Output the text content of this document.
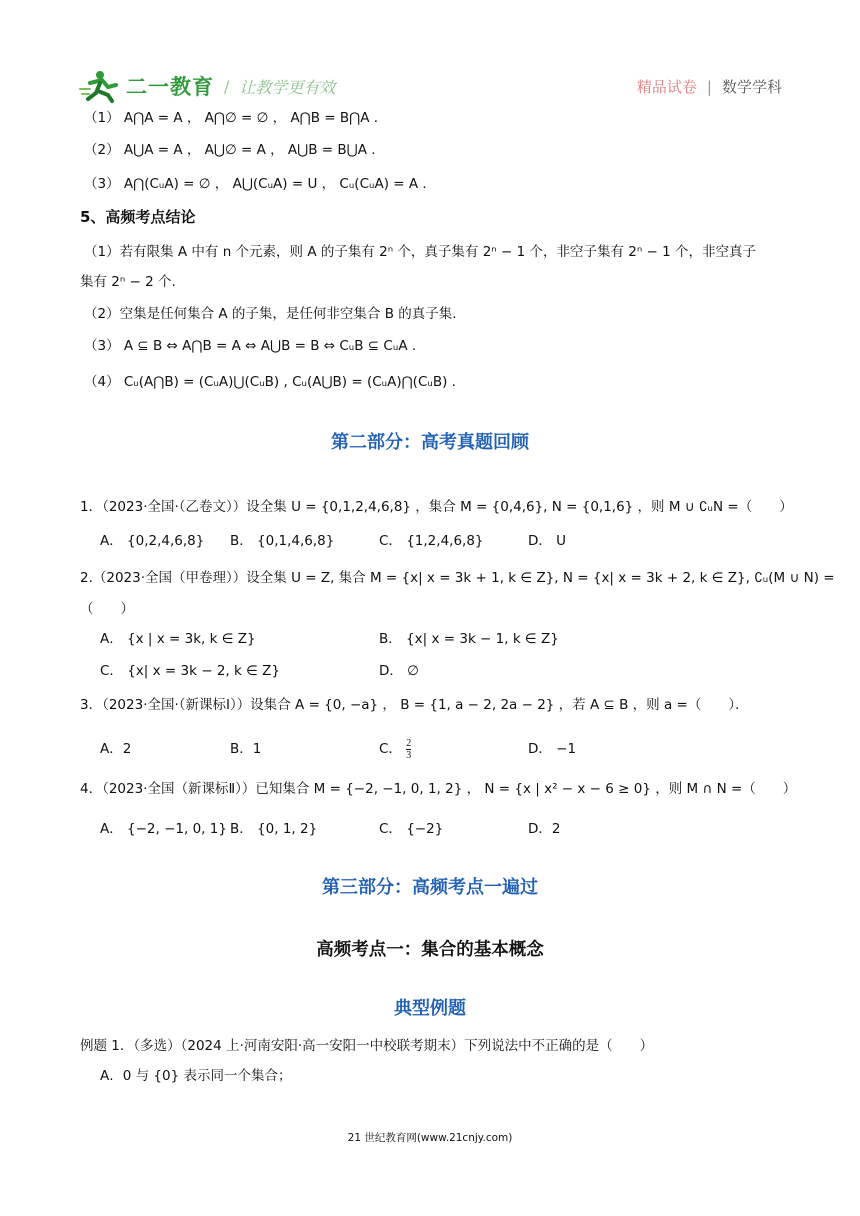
二一教育 / 让教学更有效	精品试卷 | 数学学科
（1） A⋂A = A ， A⋂∅ = ∅ ， A⋂B = B⋂A .
（2） A⋃A = A ， A⋃∅ = A ， A⋃B = B⋃A .
（3） A⋂(CᵤA) = ∅ ， A⋃(CᵤA) = U ， Cᵤ(CᵤA) = A .
5、高频考点结论
（1）若有限集 A 中有 n 个元素，则 A 的子集有 2ⁿ 个，真子集有 2ⁿ − 1 个，非空子集有 2ⁿ − 1 个，非空真子
集有 2ⁿ − 2 个.
（2）空集是任何集合 A 的子集，是任何非空集合 B 的真子集.
（3） A ⊆ B ⇔ A⋂B = A ⇔ A⋃B = B ⇔ CᵤB ⊆ CᵤA .
（4） Cᵤ(A⋂B) = (CᵤA)⋃(CᵤB) , Cᵤ(A⋃B) = (CᵤA)⋂(CᵤB) .
第二部分：高考真题回顾
1．（2023·全国·（乙卷文））设全集 U = {0,1,2,4,6,8} ，集合 M = {0,4,6}, N = {0,1,6} ，则 M ∪ ∁ᵤN =（　　）
A． {0,2,4,6,8} B． {0,1,4,6,8}	C． {1,2,4,6,8}	D． U
2.（2023·全国（甲卷理））设全集 U = Z, 集合 M = {x| x = 3k + 1, k ∈ Z}, N = {x| x = 3k + 2, k ∈ Z}, ∁ᵤ(M ∪ N) =
（　　）
A． {x | x = 3k, k ∈ Z}	B． {x| x = 3k − 1, k ∈ Z}
C． {x| x = 3k − 2, k ∈ Z}	D． ∅
3．（2023·全国·（新课标Ⅰ））设集合 A = {0, −a} ， B = {1, a − 2, 2a − 2} ，若 A ⊆ B ，则 a =（　　）．
A．2	B．1	C． $\frac{2}{3}$	D． −1
4．（2023·全国（新课标Ⅱ））已知集合 M = {−2, −1, 0, 1, 2} ， N = {x | x² − x − 6 ≥ 0} ，则 M ∩ N =（　　）
A． {−2, −1, 0, 1} B． {0, 1, 2}	C． {−2}	D．2
第三部分：高频考点一遍过
高频考点一：集合的基本概念
典型例题
例题 1．（多选）（2024 上·河南安阳·高一安阳一中校联考期末）下列说法中不正确的是（　　）
A．0 与 {0} 表示同一个集合；
21 世纪教育网(www.21cnjy.com)
